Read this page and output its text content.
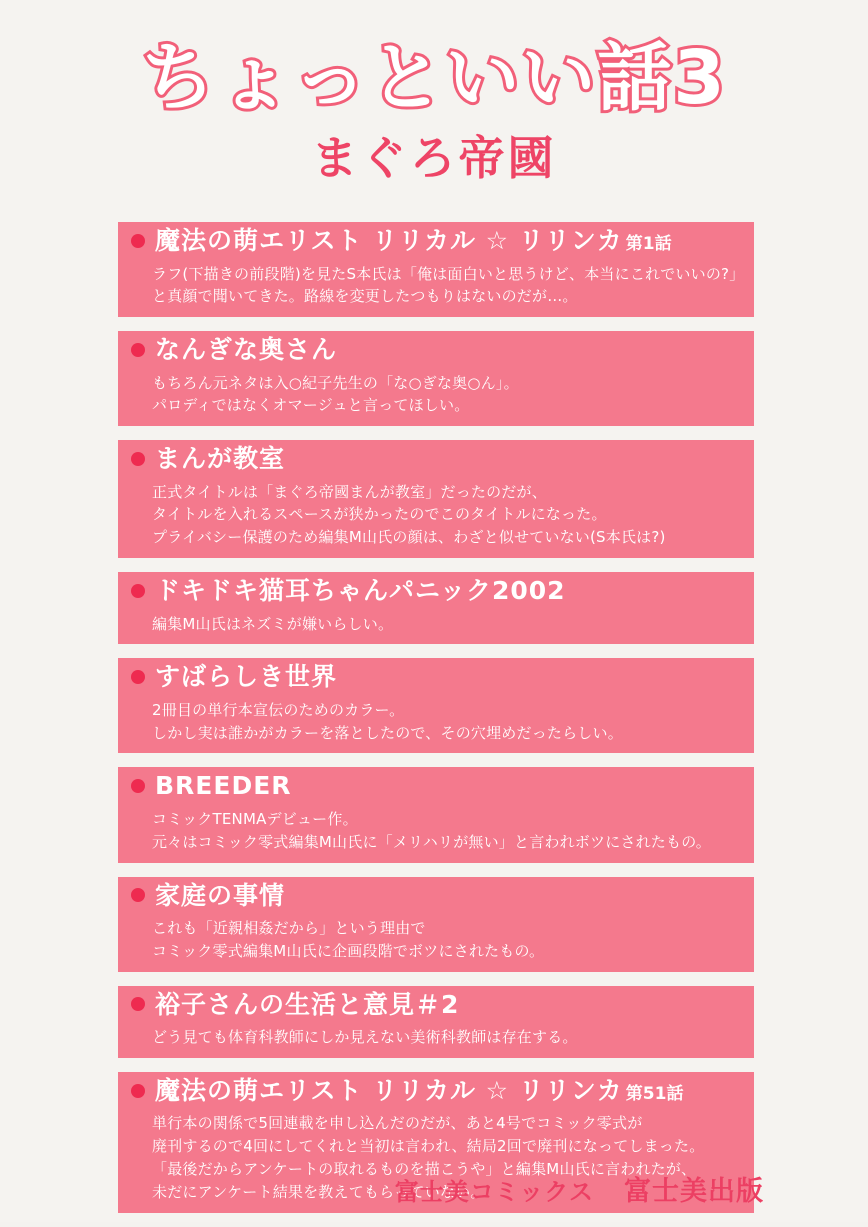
ちょっといい話3
まぐろ帝國
魔法の萌エリスト リリカル ☆ リリンカ 第1話
ラフ(下描きの前段階)を見たS本氏は「俺は面白いと思うけど、本当にこれでいいの?」
と真顔で聞いてきた。路線を変更したつもりはないのだが…。
なんぎな奥さん
もちろん元ネタは入○紀子先生の「な○ぎな奥○ん」。
パロディではなくオマージュと言ってほしい。
まんが教室
正式タイトルは「まぐろ帝國まんが教室」だったのだが、
タイトルを入れるスペースが狭かったのでこのタイトルになった。
プライバシー保護のため編集M山氏の顔は、わざと似せていない(S本氏は?)
ドキドキ猫耳ちゃんパニック2002
編集M山氏はネズミが嫌いらしい。
すばらしき世界
2冊目の単行本宣伝のためのカラー。
しかし実は誰かがカラーを落としたので、その穴埋めだったらしい。
BREEDER
コミックTENMAデビュー作。
元々はコミック零式編集M山氏に「メリハリが無い」と言われボツにされたもの。
家庭の事情
これも「近親相姦だから」という理由で
コミック零式編集M山氏に企画段階でボツにされたもの。
裕子さんの生活と意見＃2
どう見ても体育科教師にしか見えない美術科教師は存在する。
魔法の萌エリスト リリカル ☆ リリンカ 第51話
単行本の関係で5回連載を申し込んだのだが、あと4号でコミック零式が
廃刊するので4回にしてくれと当初は言われ、結局2回で廃刊になってしまった。
「最後だからアンケートの取れるものを描こうや」と編集M山氏に言われたが、
未だにアンケート結果を教えてもらっていない。
富士美コミックス 富士美出版
